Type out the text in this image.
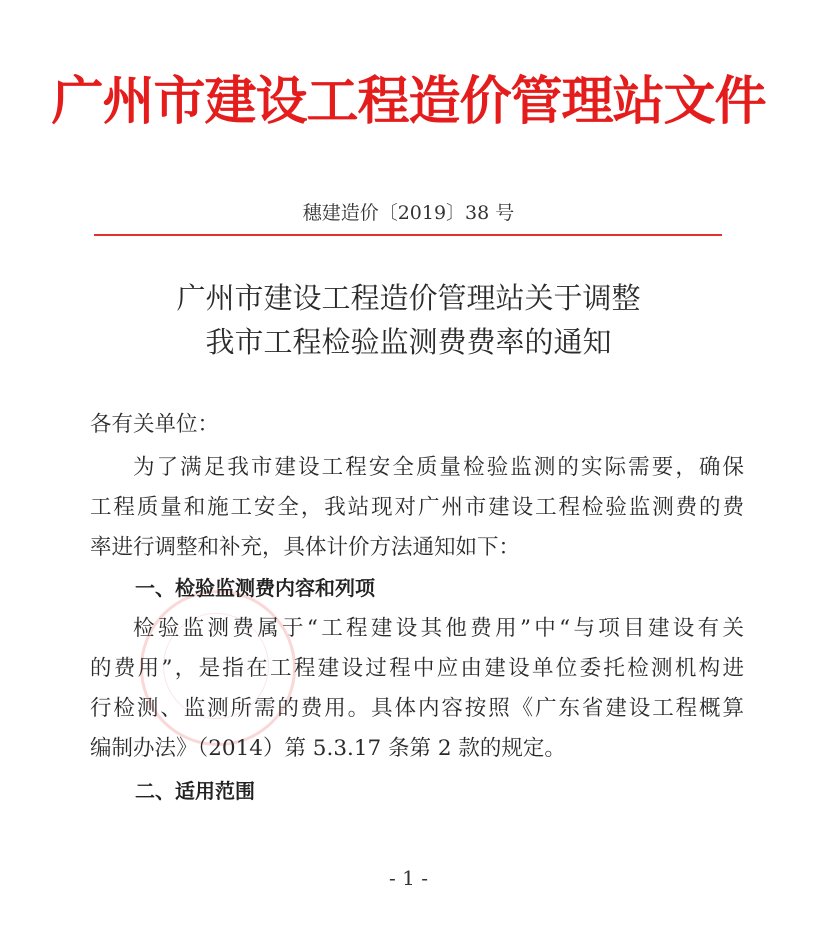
广州市建设工程造价管理站文件
穗建造价〔2019〕38 号
广州市建设工程造价管理站关于调整
我市工程检验监测费费率的通知
各有关单位：
为了满足我市建设工程安全质量检验监测的实际需要，确保
工程质量和施工安全，我站现对广州市建设工程检验监测费的费
率进行调整和补充，具体计价方法通知如下：
一、检验监测费内容和列项
检验监测费属于“工程建设其他费用”中“与项目建设有关
的费用”，是指在工程建设过程中应由建设单位委托检测机构进
行检测、监测所需的费用。具体内容按照《广东省建设工程概算
编制办法》（2014）第 5.3.17 条第 2 款的规定。
二、适用范围
- 1 -
